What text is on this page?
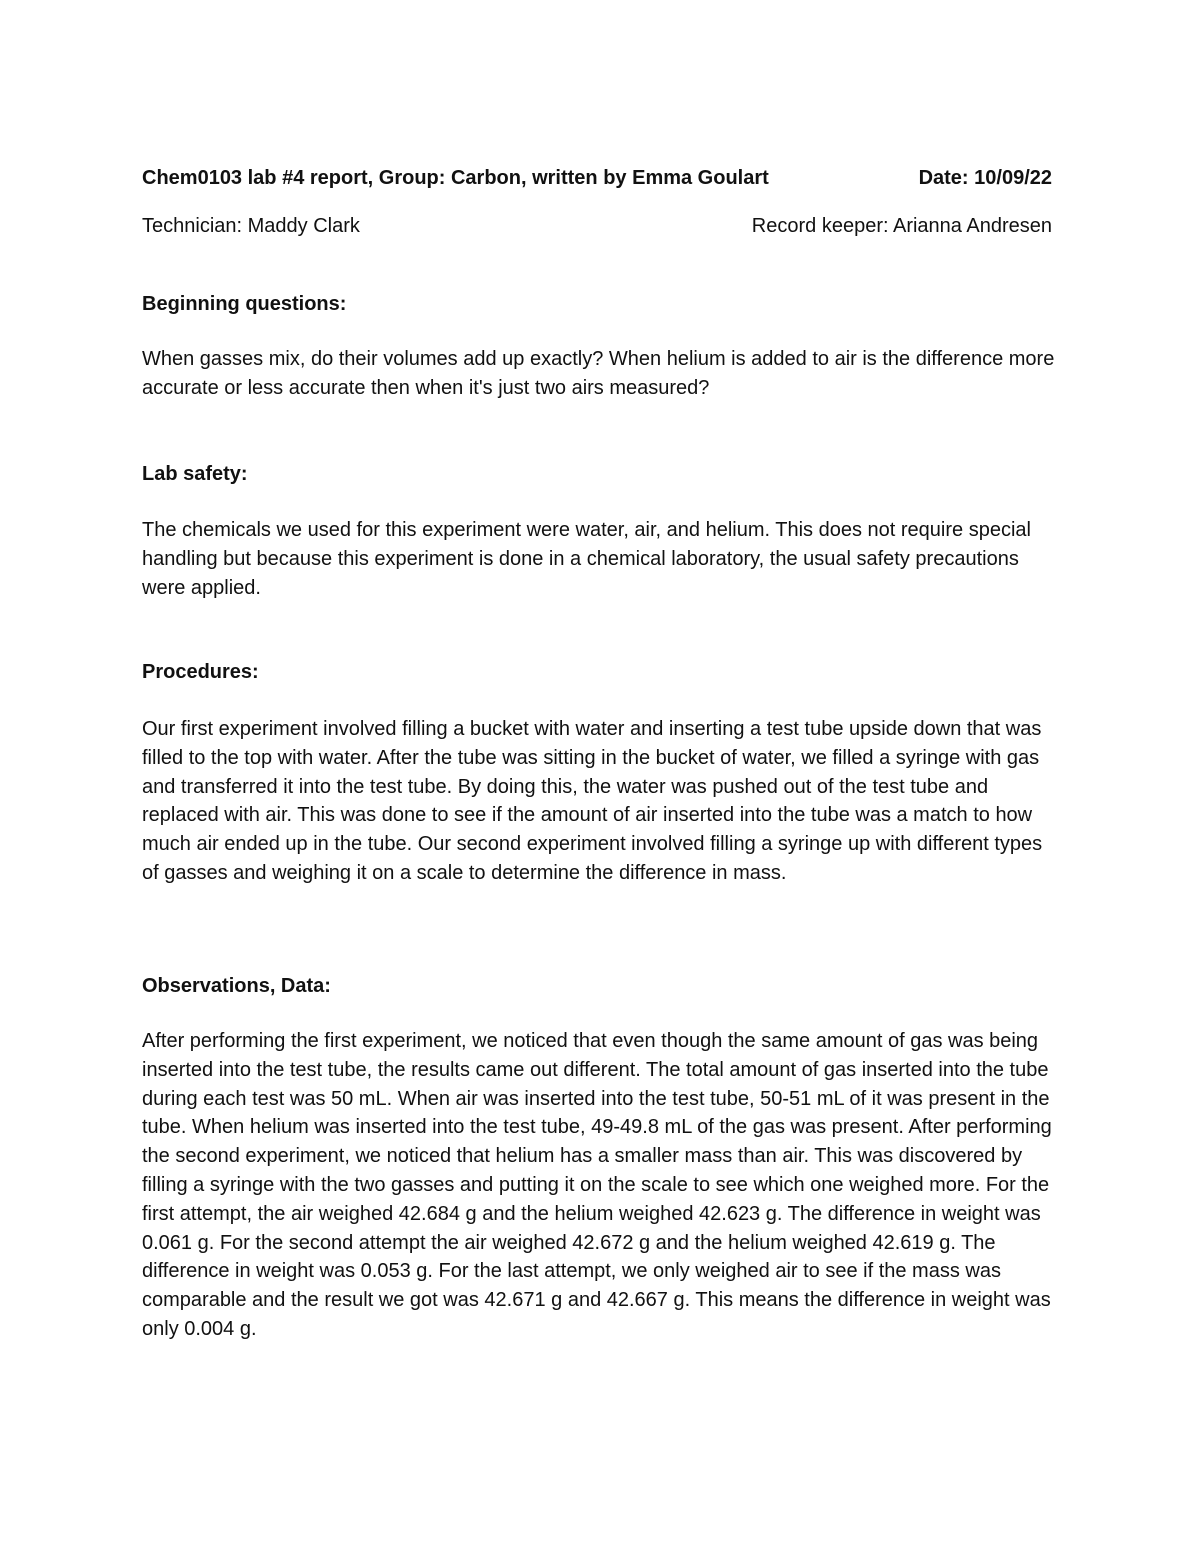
Chem0103 lab #4 report, Group: Carbon, written by Emma Goulart	Date: 10/09/22
Technician: Maddy Clark	Record keeper: Arianna Andresen
Beginning questions:
When gasses mix, do their volumes add up exactly? When helium is added to air is the difference more accurate or less accurate then when it's just two airs measured?
Lab safety:
The chemicals we used for this experiment were water, air, and helium. This does not require special handling but because this experiment is done in a chemical laboratory, the usual safety precautions were applied.
Procedures:
Our first experiment involved filling a bucket with water and inserting a test tube upside down that was filled to the top with water. After the tube was sitting in the bucket of water, we filled a syringe with gas and transferred it into the test tube. By doing this, the water was pushed out of the test tube and replaced with air. This was done to see if the amount of air inserted into the tube was a match to how much air ended up in the tube. Our second experiment involved filling a syringe up with different types of gasses and weighing it on a scale to determine the difference in mass.
Observations, Data:
After performing the first experiment, we noticed that even though the same amount of gas was being inserted into the test tube, the results came out different. The total amount of gas inserted into the tube during each test was 50 mL. When air was inserted into the test tube, 50-51 mL of it was present in the tube. When helium was inserted into the test tube, 49-49.8 mL of the gas was present. After performing the second experiment, we noticed that helium has a smaller mass than air. This was discovered by filling a syringe with the two gasses and putting it on the scale to see which one weighed more. For the first attempt, the air weighed 42.684 g and the helium weighed 42.623 g. The difference in weight was 0.061 g. For the second attempt the air weighed 42.672 g and the helium weighed 42.619 g. The difference in weight was 0.053 g. For the last attempt, we only weighed air to see if the mass was comparable and the result we got was 42.671 g and 42.667 g. This means the difference in weight was only 0.004 g.
